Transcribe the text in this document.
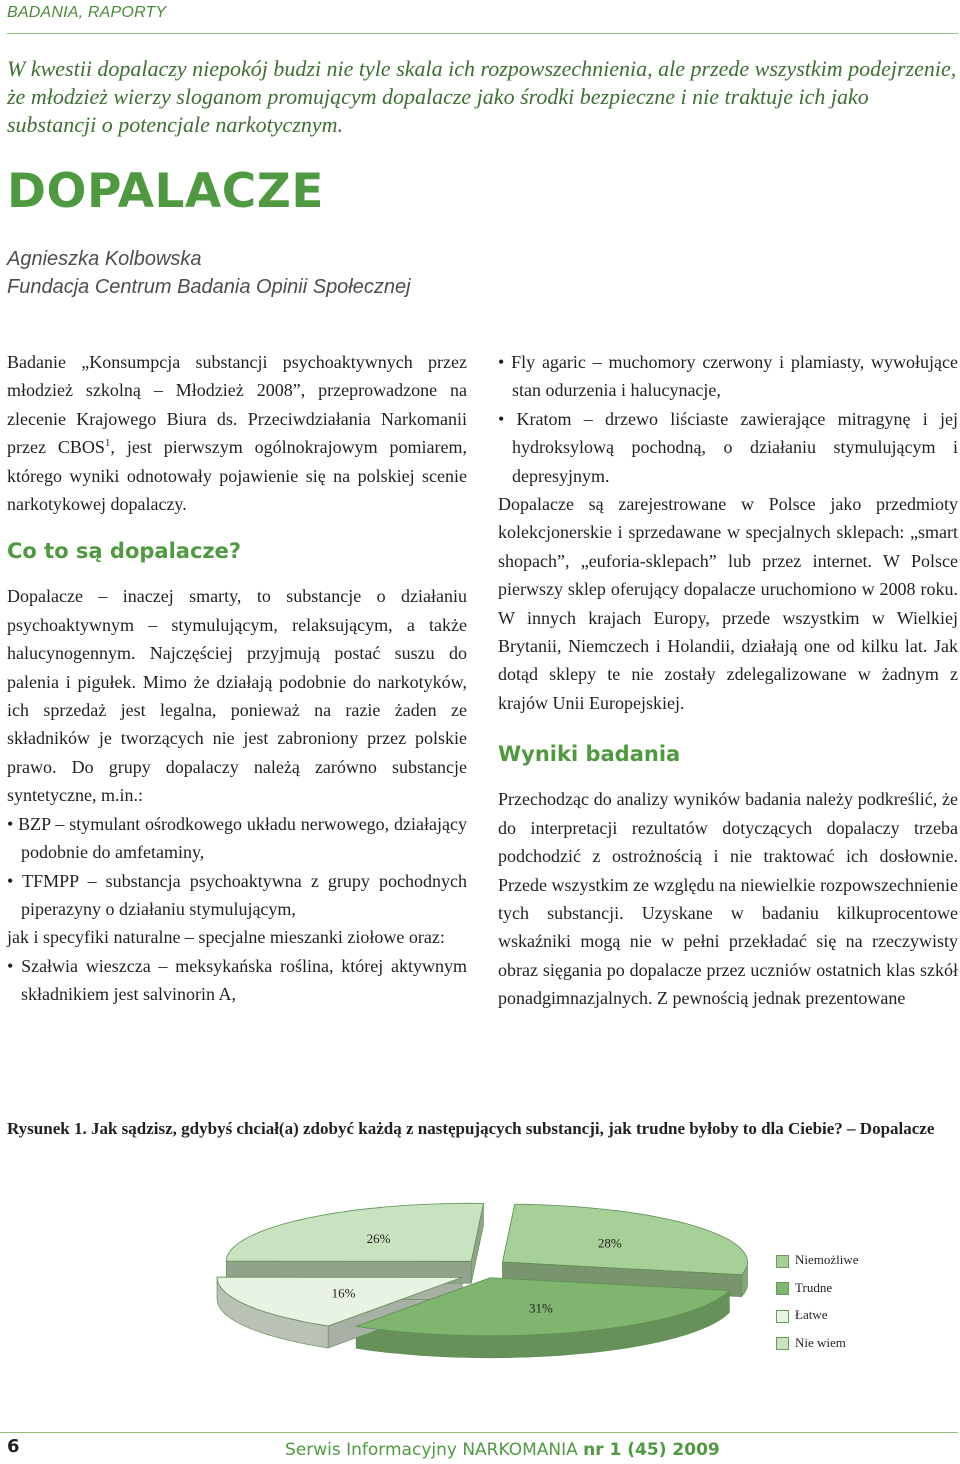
BADANIA, RAPORTY
W kwestii dopalaczy niepokój budzi nie tyle skala ich rozpowszechnienia, ale przede wszystkim podejrzenie, że młodzież wierzy sloganom promującym dopalacze jako środki bezpieczne i nie traktuje ich jako substancji o potencjale narkotycznym.
DOPALACZE
Agnieszka Kolbowska
Fundacja Centrum Badania Opinii Społecznej

Badanie „Konsumpcja substancji psychoaktywnych przez młodzież szkolną – Młodzież 2008”, przeprowadzone na zlecenie Krajowego Biura ds. Przeciwdziałania Narkomanii przez CBOS$^1$, jest pierwszym ogólnokrajowym pomiarem, którego wyniki odnotowały pojawienie się na polskiej scenie narkotykowej dopalaczy.

Co to są dopalacze?

Dopalacze – inaczej smarty, to substancje o działaniu psychoaktywnym – stymulującym, relaksującym, a także halucynogennym. Najczęściej przyjmują postać suszu do palenia i pigułek. Mimo że działają podobnie do narkotyków, ich sprzedaż jest legalna, ponieważ na razie żaden ze składników je tworzących nie jest zabroniony przez polskie prawo. Do grupy dopalaczy należą zarówno substancje syntetyczne, m.in.:

• BZP – stymulant ośrodkowego układu nerwowego, działający podobnie do amfetaminy,
• TFMPP – substancja psychoaktywna z grupy pochodnych piperazyny o działaniu stymulującym,

jak i specyfiki naturalne – specjalne mieszanki ziołowe oraz:

• Szałwia wieszcza – meksykańska roślina, której aktywnym składnikiem jest salvinorin A,
• Fly agaric – muchomory czerwony i plamiasty, wywołujące stan odurzenia i halucynacje,
• Kratom – drzewo liściaste zawierające mitragynę i jej hydroksylową pochodną, o działaniu stymulującym i depresyjnym.

Dopalacze są zarejestrowane w Polsce jako przedmioty kolekcjonerskie i sprzedawane w specjalnych sklepach: „smart shopach”, „euforia-sklepach” lub przez internet. W Polsce pierwszy sklep oferujący dopalacze uruchomiono w 2008 roku. W innych krajach Europy, przede wszystkim w Wielkiej Brytanii, Niemczech i Holandii, działają one od kilku lat. Jak dotąd sklepy te nie zostały zdelegalizowane w żadnym z krajów Unii Europejskiej.

Wyniki badania

Przechodząc do analizy wyników badania należy podkreślić, że do interpretacji rezultatów dotyczących dopalaczy trzeba podchodzić z ostrożnością i nie traktować ich dosłownie. Przede wszystkim ze względu na niewielkie rozpowszechnienie tych substancji. Uzyskane w badaniu kilkuprocentowe wskaźniki mogą nie w pełni przekładać się na rzeczywisty obraz sięgania po dopalacze przez uczniów ostatnich klas szkół ponadgimnazjalnych. Z pewnością jednak prezentowane

Rysunek 1. Jak sądzisz, gdybyś chciał(a) zdobyć każdą z następujących substancji, jak trudne byłoby to dla Ciebie? – Dopalacze
28%
31%
16%
26%
Niemożliwe
Trudne
Łatwe
Nie wiem
6	Serwis Informacyjny NARKOMANIA nr 1 (45) 2009
